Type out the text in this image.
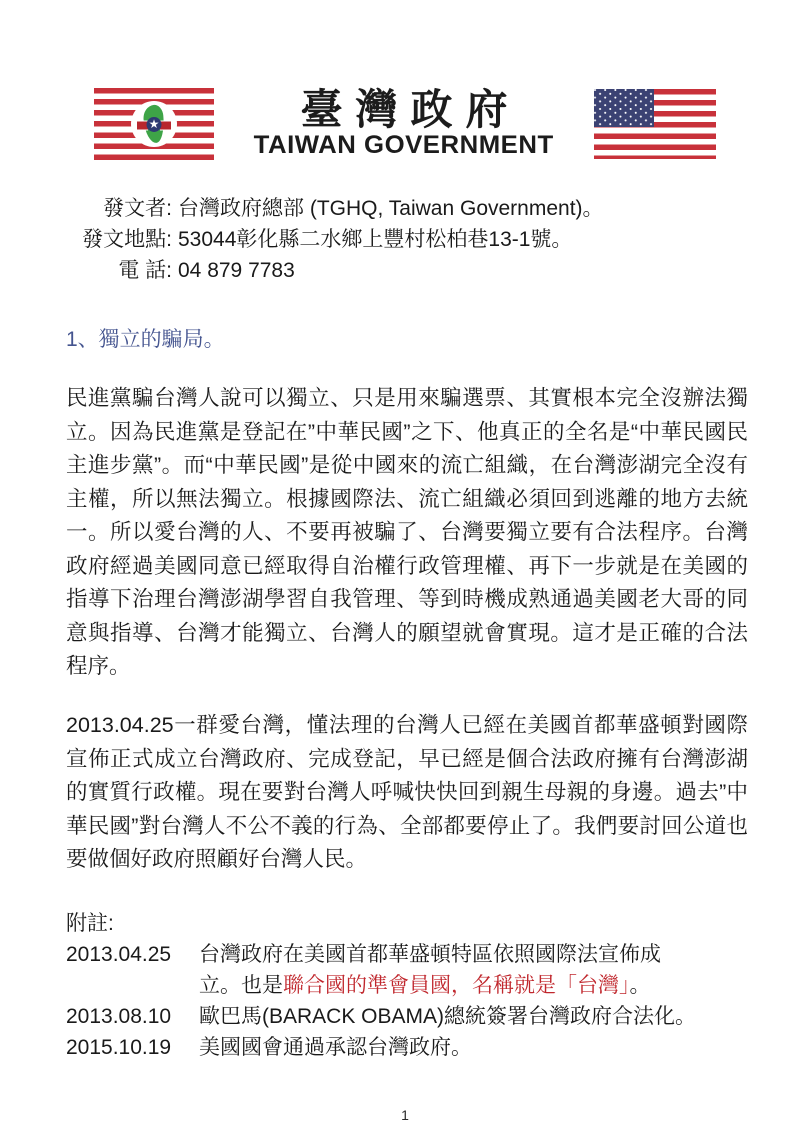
★	臺灣政府
TAIWAN GOVERNMENT
發文者: 台灣政府總部 (TGHQ, Taiwan Government)。
發文地點: 53044彰化縣二水鄉上豐村松柏巷13-1號。
電 話: 04 879 7783
1、獨立的騙局。
民進黨騙台灣人說可以獨立、只是用來騙選票、其實根本完全沒辦法獨立。因為民進黨是登記在”中華民國”之下、他真正的全名是“中華民國民主進步黨”。而“中華民國”是從中國來的流亡組織，在台灣澎湖完全沒有主權，所以無法獨立。根據國際法、流亡組織必須回到逃離的地方去統一。所以愛台灣的人、不要再被騙了、台灣要獨立要有合法程序。台灣政府經過美國同意已經取得自治權行政管理權、再下一步就是在美國的指導下治理台灣澎湖學習自我管理、等到時機成熟通過美國老大哥的同意與指導、台灣才能獨立、台灣人的願望就會實現。這才是正確的合法程序。
2013.04.25一群愛台灣，懂法理的台灣人已經在美國首都華盛頓對國際宣佈正式成立台灣政府、完成登記，早已經是個合法政府擁有台灣澎湖的實質行政權。現在要對台灣人呼喊快快回到親生母親的身邊。過去”中華民國”對台灣人不公不義的行為、全部都要停止了。我們要討回公道也要做個好政府照顧好台灣人民。
附註:
2013.04.25	台灣政府在美國首都華盛頓特區依照國際法宣佈成
立。也是聯合國的準會員國，名稱就是「台灣」。
2013.08.10	歐巴馬(BARACK OBAMA)總統簽署台灣政府合法化。
2015.10.19	美國國會通過承認台灣政府。
1
